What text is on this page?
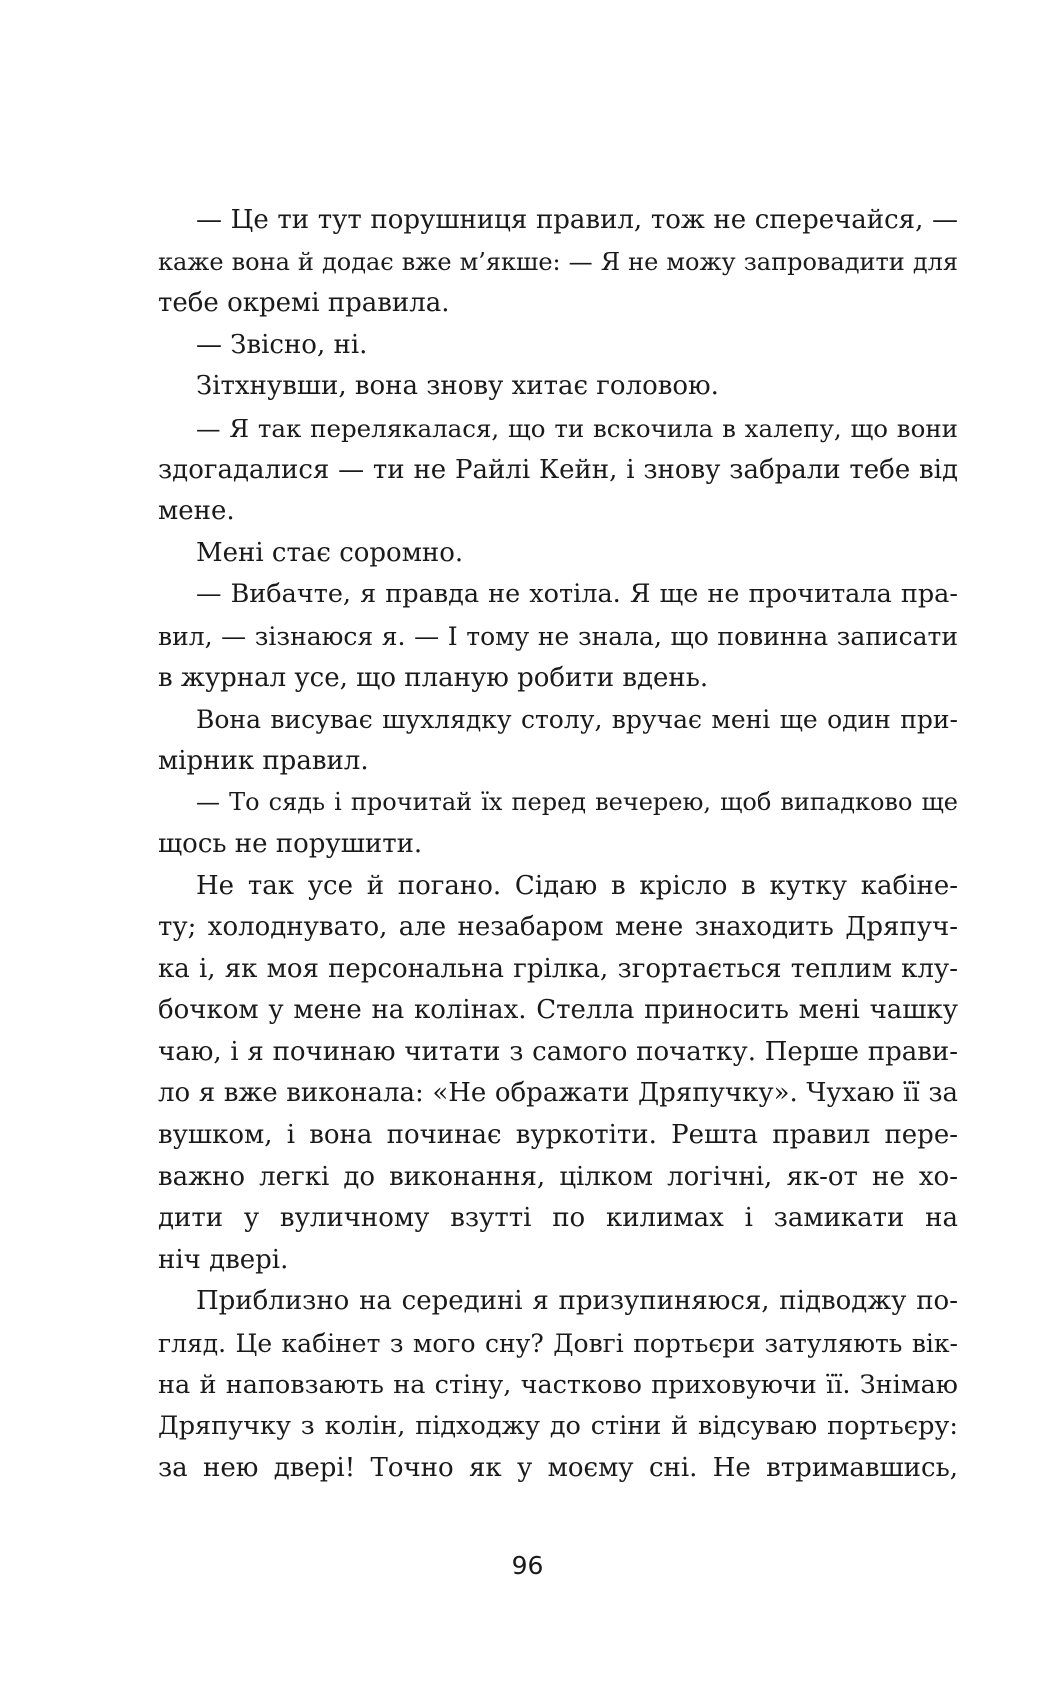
— Це ти тут порушниця правил, тож не сперечайся, —
каже вона й додає вже м’якше: — Я не можу запровадити для
тебе окремі правила.
— Звісно, ні.
Зітхнувши, вона знову хитає головою.
— Я так перелякалася, що ти вскочила в халепу, що вони
здогадалися — ти не Райлі Кейн, і знову забрали тебе від
мене.
Мені стає соромно.
— Вибачте, я правда не хотіла. Я ще не прочитала пра-
вил, — зізнаюся я. — І тому не знала, що повинна записати
в журнал усе, що планую робити вдень.
Вона висуває шухлядку столу, вручає мені ще один при-
мірник правил.
— То сядь і прочитай їх перед вечерею, щоб випадково ще
щось не порушити.
Не так усе й погано. Сідаю в крісло в кутку кабіне-
ту; холоднувато, але незабаром мене знаходить Дряпуч-
ка і, як моя персональна грілка, згортається теплим клу-
бочком у мене на колінах. Стелла приносить мені чашку
чаю, і я починаю читати з самого початку. Перше прави-
ло я вже виконала: «Не ображати Дряпучку». Чухаю її за
вушком, і вона починає вуркотіти. Решта правил пере-
важно легкі до виконання, цілком логічні, як-от не хо-
дити у вуличному взутті по килимах і замикати на
ніч двері.
Приблизно на середині я призупиняюся, підводжу по-
гляд. Це кабінет з мого сну? Довгі портьєри затуляють вік-
на й наповзають на стіну, частково приховуючи її. Знімаю
Дряпучку з колін, підходжу до стіни й відсуваю портьєру:
за нею двері! Точно як у моєму сні. Не втримавшись,
96
